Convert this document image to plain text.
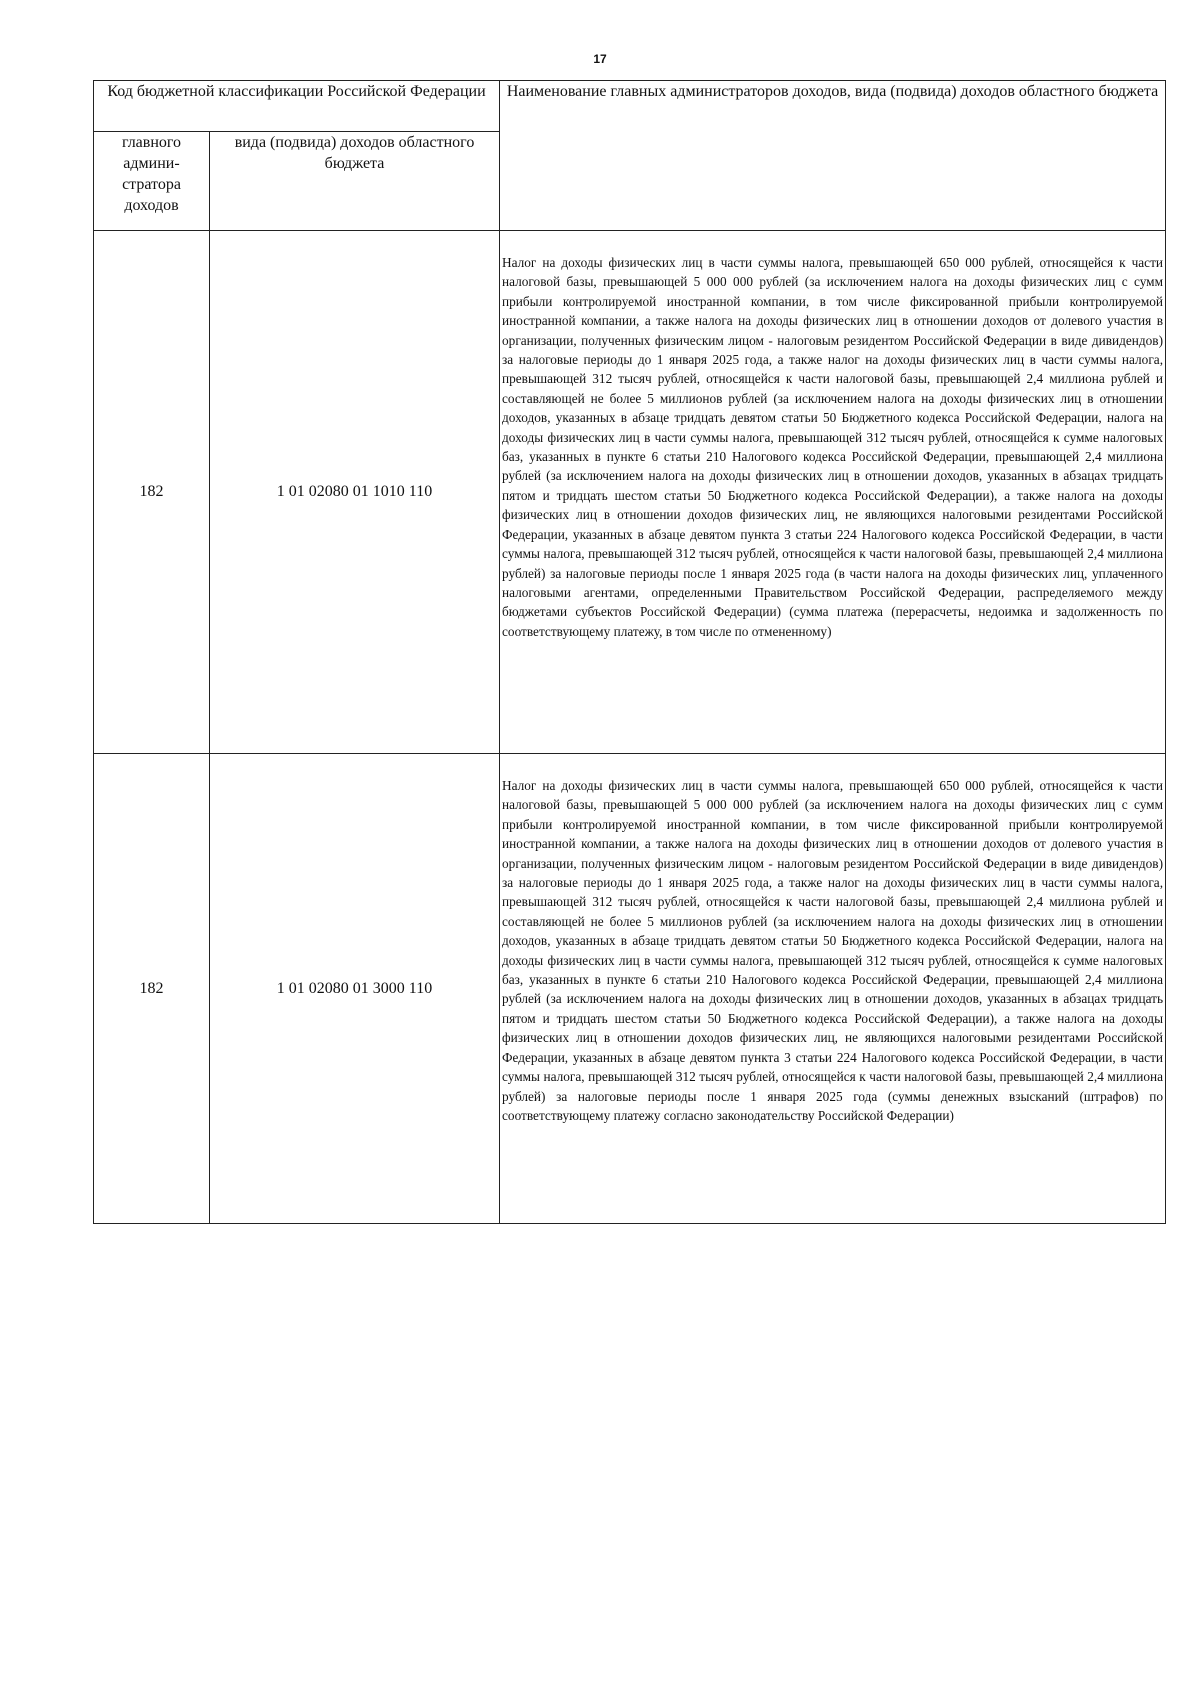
17
Код бюджетной классификации Российской Федерации		Наименование главных администраторов доходов, вида (подвида) доходов областного бюджета
главного админи-стратора доходов	вида (подвида) доходов областного бюджета	
182	1 01 02080 01 1010 110	Налог на доходы физических лиц в части суммы налога, превышающей 650 000 рублей, относящейся к части налоговой базы, превышающей 5 000 000 рублей (за исключением налога на доходы физических лиц с сумм прибыли контролируемой иностранной компании, в том числе фиксированной прибыли контролируемой иностранной компании, а также налога на доходы физических лиц в отношении доходов от долевого участия в организации, полученных физическим лицом - налоговым резидентом Российской Федерации в виде дивидендов) за налоговые периоды до 1 января 2025 года, а также налог на доходы физических лиц в части суммы налога, превышающей 312 тысяч рублей, относящейся к части налоговой базы, превышающей 2,4 миллиона рублей и составляющей не более 5 миллионов рублей (за исключением налога на доходы физических лиц в отношении доходов, указанных в абзаце тридцать девятом статьи 50 Бюджетного кодекса Российской Федерации, налога на доходы физических лиц в части суммы налога, превышающей 312 тысяч рублей, относящейся к сумме налоговых баз, указанных в пункте 6 статьи 210 Налогового кодекса Российской Федерации, превышающей 2,4 миллиона рублей (за исключением налога на доходы физических лиц в отношении доходов, указанных в абзацах тридцать пятом и тридцать шестом статьи 50 Бюджетного кодекса Российской Федерации), а также налога на доходы физических лиц в отношении доходов физических лиц, не являющихся налоговыми резидентами Российской Федерации, указанных в абзаце девятом пункта 3 статьи 224 Налогового кодекса Российской Федерации, в части суммы налога, превышающей 312 тысяч рублей, относящейся к части налоговой базы, превышающей 2,4 миллиона рублей) за налоговые периоды после 1 января 2025 года (в части налога на доходы физических лиц, уплаченного налоговыми агентами, определенными Правительством Российской Федерации, распределяемого между бюджетами субъектов Российской Федерации) (сумма платежа (перерасчеты, недоимка и задолженность по соответствующему платежу, в том числе по отмененному)
182	1 01 02080 01 3000 110	Налог на доходы физических лиц в части суммы налога, превышающей 650 000 рублей, относящейся к части налоговой базы, превышающей 5 000 000 рублей (за исключением налога на доходы физических лиц с сумм прибыли контролируемой иностранной компании, в том числе фиксированной прибыли контролируемой иностранной компании, а также налога на доходы физических лиц в отношении доходов от долевого участия в организации, полученных физическим лицом - налоговым резидентом Российской Федерации в виде дивидендов) за налоговые периоды до 1 января 2025 года, а также налог на доходы физических лиц в части суммы налога, превышающей 312 тысяч рублей, относящейся к части налоговой базы, превышающей 2,4 миллиона рублей и составляющей не более 5 миллионов рублей (за исключением налога на доходы физических лиц в отношении доходов, указанных в абзаце тридцать девятом статьи 50 Бюджетного кодекса Российской Федерации, налога на доходы физических лиц в части суммы налога, превышающей 312 тысяч рублей, относящейся к сумме налоговых баз, указанных в пункте 6 статьи 210 Налогового кодекса Российской Федерации, превышающей 2,4 миллиона рублей (за исключением налога на доходы физических лиц в отношении доходов, указанных в абзацах тридцать пятом и тридцать шестом статьи 50 Бюджетного кодекса Российской Федерации), а также налога на доходы физических лиц в отношении доходов физических лиц, не являющихся налоговыми резидентами Российской Федерации, указанных в абзаце девятом пункта 3 статьи 224 Налогового кодекса Российской Федерации, в части суммы налога, превышающей 312 тысяч рублей, относящейся к части налоговой базы, превышающей 2,4 миллиона рублей) за налоговые периоды после 1 января 2025 года (суммы денежных взысканий (штрафов) по соответствующему платежу согласно законодательству Российской Федерации)
